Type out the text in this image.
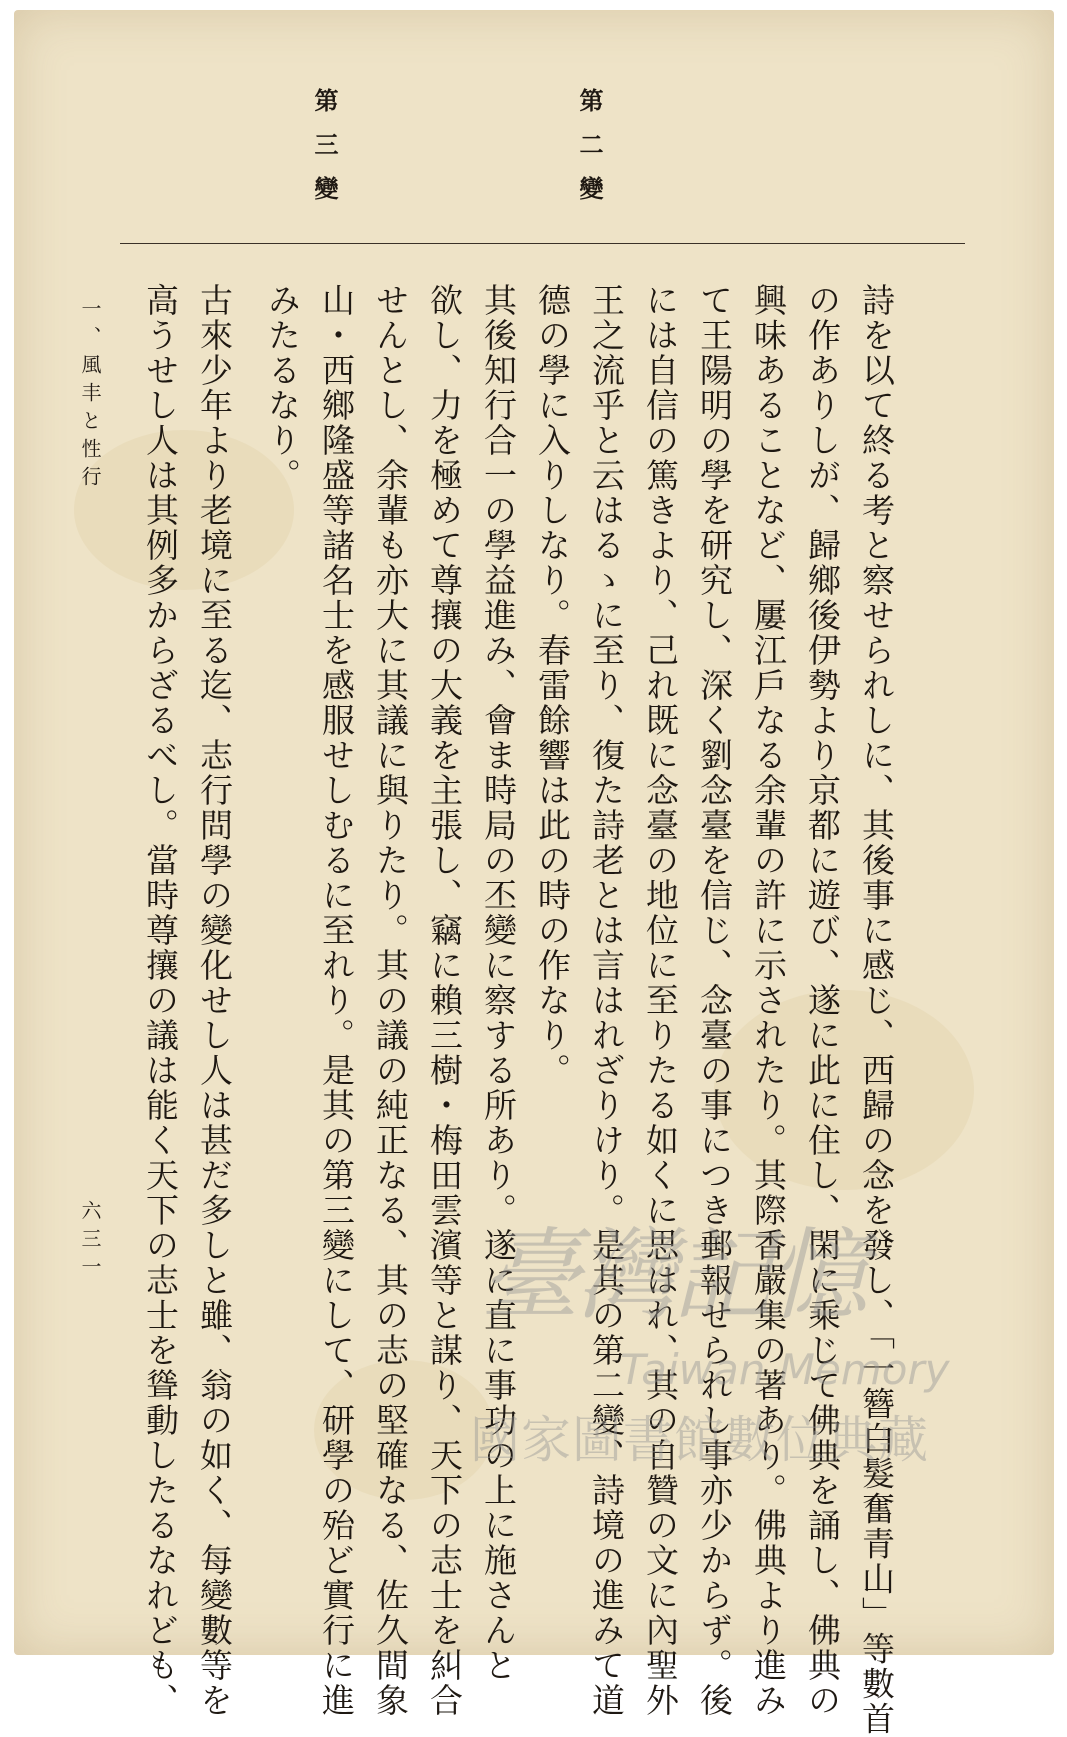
第二變
第三變
詩を以て終る考と察せられしに、其後事に感じ、西歸の念を發し、「一簪白髮奮青山」等數首
の作ありしが、歸鄉後伊勢より京都に遊び、遂に此に住し、閑に乘じて佛典を誦し、佛典の
興味あることなど、屢江戶なる余輩の許に示されたり。其際香嚴集の著あり。佛典より進み
て王陽明の學を研究し、深く劉念臺を信じ、念臺の事につき郵報せられし事亦少からず。後
には自信の篤きより、己れ既に念臺の地位に至りたる如くに思はれ、其の自贊の文に內聖外
王之流乎と云はるゝに至り、復た詩老とは言はれざりけり。是其の第二變、詩境の進みて道
德の學に入りしなり。春雷餘響は此の時の作なり。
其後知行合一の學益進み、會ま時局の丕變に察する所あり。遂に直に事功の上に施さんと
欲し、力を極めて尊攘の大義を主張し、竊に賴三樹・梅田雲濱等と謀り、天下の志士を糾合
せんとし、余輩も亦大に其議に與りたり。其の議の純正なる、其の志の堅確なる、佐久間象
山・西鄉隆盛等諸名士を感服せしむるに至れり。是其の第三變にして、研學の殆ど實行に進
みたるなり。
古來少年より老境に至る迄、志行問學の變化せし人は甚だ多しと雖、翁の如く、每變數等を
高うせし人は其例多からざるべし。當時尊攘の議は能く天下の志士を聳動したるなれども、
一、風丰と性行
六三一	臺灣記憶
Taiwan Memory
國家圖書館數位典藏
